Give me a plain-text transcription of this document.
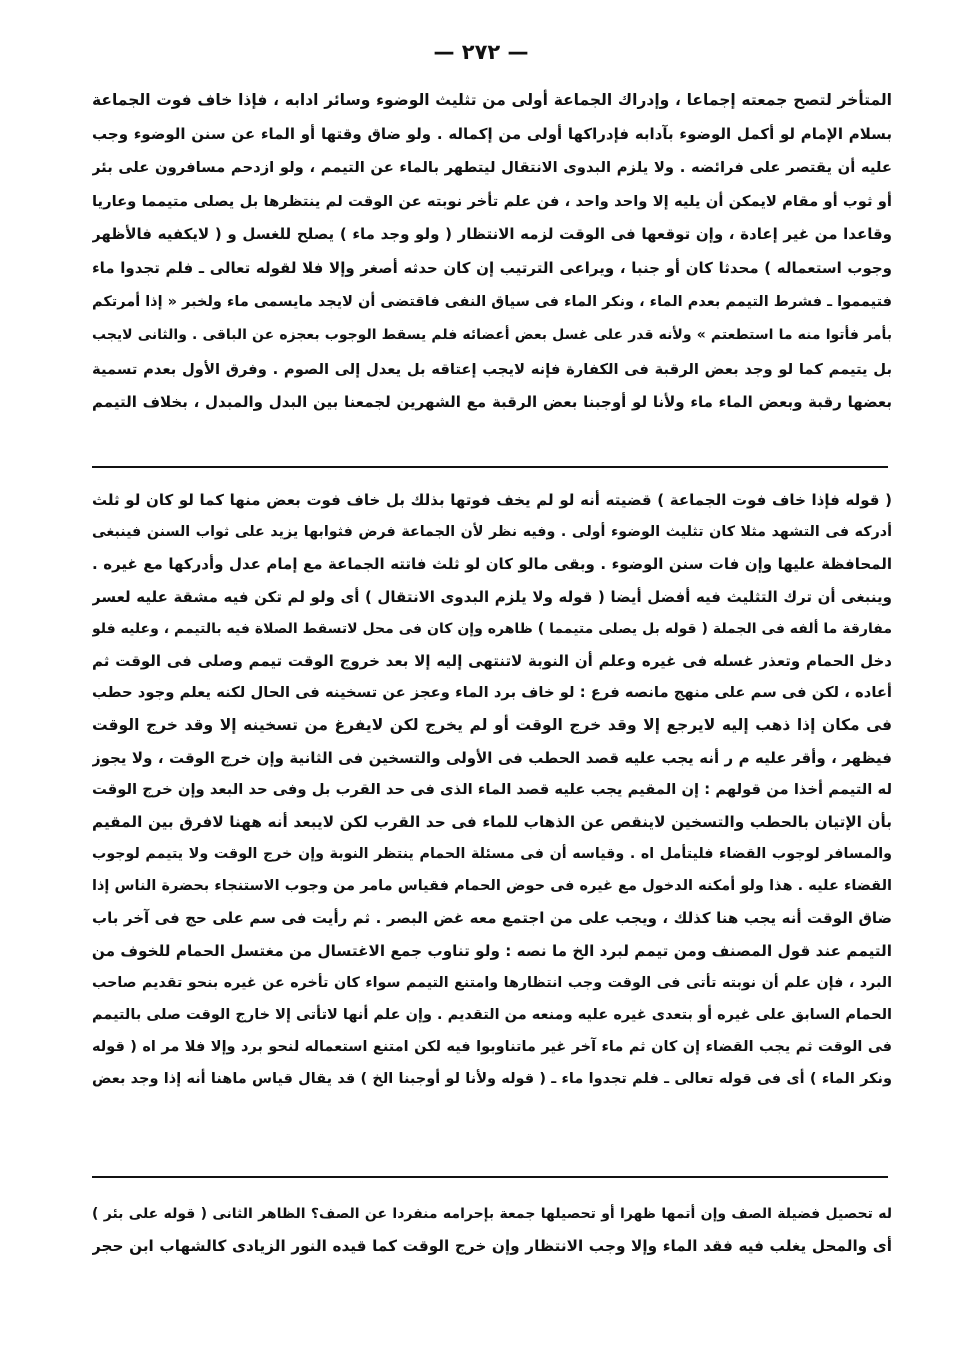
— ٢٧٢ —
المتأخر لتصح جمعته إجماعا ، وإدراك الجماعة أولى من تثليث الوضوء وسائر ادابه ، فإذا خاف فوت الجماعة
بسلام الإمام لو أكمل الوضوء بآدابه فإدراكها أولى من إكماله . ولو ضاق وقتها أو الماء عن سنن الوضوء وجب
عليه أن يقتصر على فرائضه . ولا يلزم البدوى الانتقال ليتطهر بالماء عن التيمم ، ولو ازدحم مسافرون على بئر
أو ثوب أو مقام لايمكن أن يليه إلا واحد واحد ، فن علم تأخر نوبته عن الوقت لم ينتظرها بل يصلى متيمما وعاريا
وقاعدا من غير إعادة ، وإن توقعها فى الوقت لزمه الانتظار ( ولو وجد ماء ) يصلح للغسل و ( لايكفيه فالأظهر
وجوب استعماله ) محدثا كان أو جنبا ، ويراعى الترتيب إن كان حدثه أصغر وإلا فلا لقوله تعالى ـ فلم تجدوا ماء
فتيمموا ـ فشرط التيمم بعدم الماء ، ونكر الماء فى سياق النفى فاقتضى أن لايجد مايسمى ماء ولخبر « إذا أمرتكم
بأمر فأتوا منه ما استطعتم » ولأنه قدر على غسل بعض أعضائه فلم يسقط الوجوب بعجزه عن الباقى . والثانى لايجب
بل يتيمم كما لو وجد بعض الرقبة فى الكفارة فإنه لايجب إعتاقه بل يعدل إلى الصوم . وفرق الأول بعدم تسمية
بعضها رقبة وبعض الماء ماء ولأنا لو أوجبنا بعض الرقبة مع الشهرين لجمعنا بين البدل والمبدل ، بخلاف التيمم
( قوله فإذا خاف فوت الجماعة ) قضيته أنه لو لم يخف فوتها بذلك بل خاف فوت بعض منها كما لو كان لو ثلث
أدركه فى التشهد مثلا كان تثليث الوضوء أولى . وفيه نظر لأن الجماعة فرض فثوابها يزيد على ثواب السنن فينبغى
المحافظة عليها وإن فات سنن الوضوء . وبقى مالو كان لو ثلث فاتته الجماعة مع إمام عدل وأدركها مع غيره .
وينبغى أن ترك التثليث فيه أفضل أيضا ( قوله ولا يلزم البدوى الانتقال ) أى ولو لم تكن فيه مشقة عليه لعسر
مفارقة ما ألفه فى الجملة ( قوله بل يصلى متيمما ) ظاهره وإن كان فى محل لاتسقط الصلاة فيه بالتيمم ، وعليه فلو
دخل الحمام وتعذر غسله فى غيره وعلم أن النوبة لاتنتهى إليه إلا بعد خروج الوقت تيمم وصلى فى الوقت ثم
أعاده ، لكن فى سم على منهج مانصه فرع : لو خاف برد الماء وعجز عن تسخينه فى الحال لكنه يعلم وجود حطب
فى مكان إذا ذهب إليه لايرجع إلا وقد خرج الوقت أو لم يخرج لكن لايفرغ من تسخينه إلا وقد خرج الوقت
فيظهر ، وأقر عليه م ر أنه يجب عليه قصد الحطب فى الأولى والتسخين فى الثانية وإن خرج الوقت ، ولا يجوز
له التيمم أخذا من قولهم : إن المقيم يجب عليه قصد الماء الذى فى حد القرب بل وفى حد البعد وإن خرج الوقت
بأن الإتيان بالحطب والتسخين لاينقص عن الذهاب للماء فى حد القرب لكن لايبعد أنه ههنا لافرق بين المقيم
والمسافر لوجوب القضاء فليتأمل اه . وقياسه أن فى مسئلة الحمام ينتظر النوبة وإن خرج الوقت ولا يتيمم لوجوب
القضاء عليه . هذا ولو أمكنه الدخول مع غيره فى حوض الحمام فقياس مامر من وجوب الاستنجاء بحضرة الناس إذا
ضاق الوقت أنه يجب هنا كذلك ، ويجب على من اجتمع معه غض البصر . ثم رأيت فى سم على حج فى آخر باب
التيمم عند قول المصنف ومن تيمم لبرد الخ ما نصه : ولو تناوب جمع الاغتسال من مغتسل الحمام للخوف من
البرد ، فإن علم أن نوبته تأتى فى الوقت وجب انتظارها وامتنع التيمم سواء كان تأخره عن غيره بنحو تقديم صاحب
الحمام السابق على غيره أو بتعدى غيره عليه ومنعه من التقديم . وإن علم أنها لاتأتى إلا خارج الوقت صلى بالتيمم
فى الوقت ثم يجب القضاء إن كان ثم ماء آخر غير ماتناوبوا فيه لكن امتنع استعماله لنحو برد وإلا فلا مر اه ( قوله
ونكر الماء ) أى فى قوله تعالى ـ فلم تجدوا ماء ـ ( قوله ولأنا لو أوجبنا الخ ) قد يقال قياس ماهنا أنه إذا وجد بعض
له تحصيل فضيلة الصف وإن أتمها ظهرا أو تحصيلها جمعة بإحرامه منفردا عن الصف؟ الظاهر الثانى ( قوله على بئر )
أى والمحل يغلب فيه فقد الماء وإلا وجب الانتظار وإن خرج الوقت كما قيده النور الزيادى كالشهاب ابن حجر
